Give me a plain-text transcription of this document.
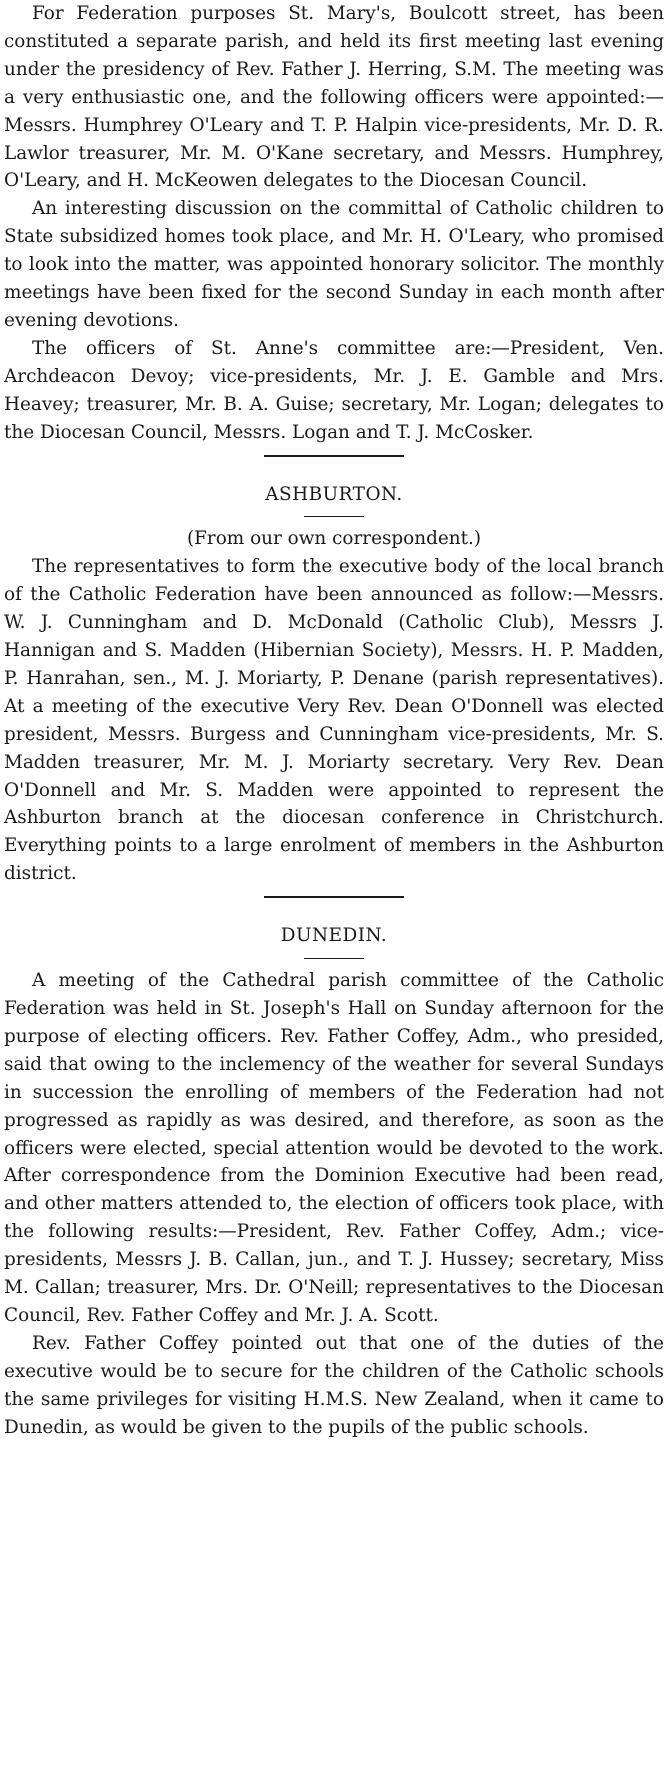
For Federation purposes St. Mary's, Boulcott street, has been constituted a separate parish, and held its first meeting last evening under the presidency of Rev. Father J. Herring, S.M. The meeting was a very enthusiastic one, and the following officers were appointed:—Messrs. Humphrey O'Leary and T. P. Halpin vice-presidents, Mr. D. R. Lawlor treasurer, Mr. M. O'Kane secretary, and Messrs. Humphrey, O'Leary, and H. McKeowen delegates to the Diocesan Council.

An interesting discussion on the committal of Catholic children to State subsidized homes took place, and Mr. H. O'Leary, who promised to look into the matter, was appointed honorary solicitor. The monthly meetings have been fixed for the second Sunday in each month after evening devotions.

The officers of St. Anne's committee are:—President, Ven. Archdeacon Devoy; vice-presidents, Mr. J. E. Gamble and Mrs. Heavey; treasurer, Mr. B. A. Guise; secretary, Mr. Logan; delegates to the Diocesan Council, Messrs. Logan and T. J. McCosker.

ASHBURTON.

(From our own correspondent.)

The representatives to form the executive body of the local branch of the Catholic Federation have been announced as follow:—Messrs. W. J. Cunningham and D. McDonald (Catholic Club), Messrs J. Hannigan and S. Madden (Hibernian Society), Messrs. H. P. Madden, P. Hanrahan, sen., M. J. Moriarty, P. Denane (parish representatives). At a meeting of the executive Very Rev. Dean O'Donnell was elected president, Messrs. Burgess and Cunningham vice-presidents, Mr. S. Madden treasurer, Mr. M. J. Moriarty secretary. Very Rev. Dean O'Donnell and Mr. S. Madden were appointed to represent the Ashburton branch at the diocesan conference in Christchurch. Everything points to a large enrolment of members in the Ashburton district.

DUNEDIN.

A meeting of the Cathedral parish committee of the Catholic Federation was held in St. Joseph's Hall on Sunday afternoon for the purpose of electing officers. Rev. Father Coffey, Adm., who presided, said that owing to the inclemency of the weather for several Sundays in succession the enrolling of members of the Federation had not progressed as rapidly as was desired, and therefore, as soon as the officers were elected, special attention would be devoted to the work. After correspondence from the Dominion Executive had been read, and other matters attended to, the election of officers took place, with the following results:—President, Rev. Father Coffey, Adm.; vice-presidents, Messrs J. B. Callan, jun., and T. J. Hussey; secretary, Miss M. Callan; treasurer, Mrs. Dr. O'Neill; representatives to the Diocesan Council, Rev. Father Coffey and Mr. J. A. Scott.

Rev. Father Coffey pointed out that one of the duties of the executive would be to secure for the children of the Catholic schools the same privileges for visiting H.M.S. New Zealand, when it came to Dunedin, as would be given to the pupils of the public schools.
